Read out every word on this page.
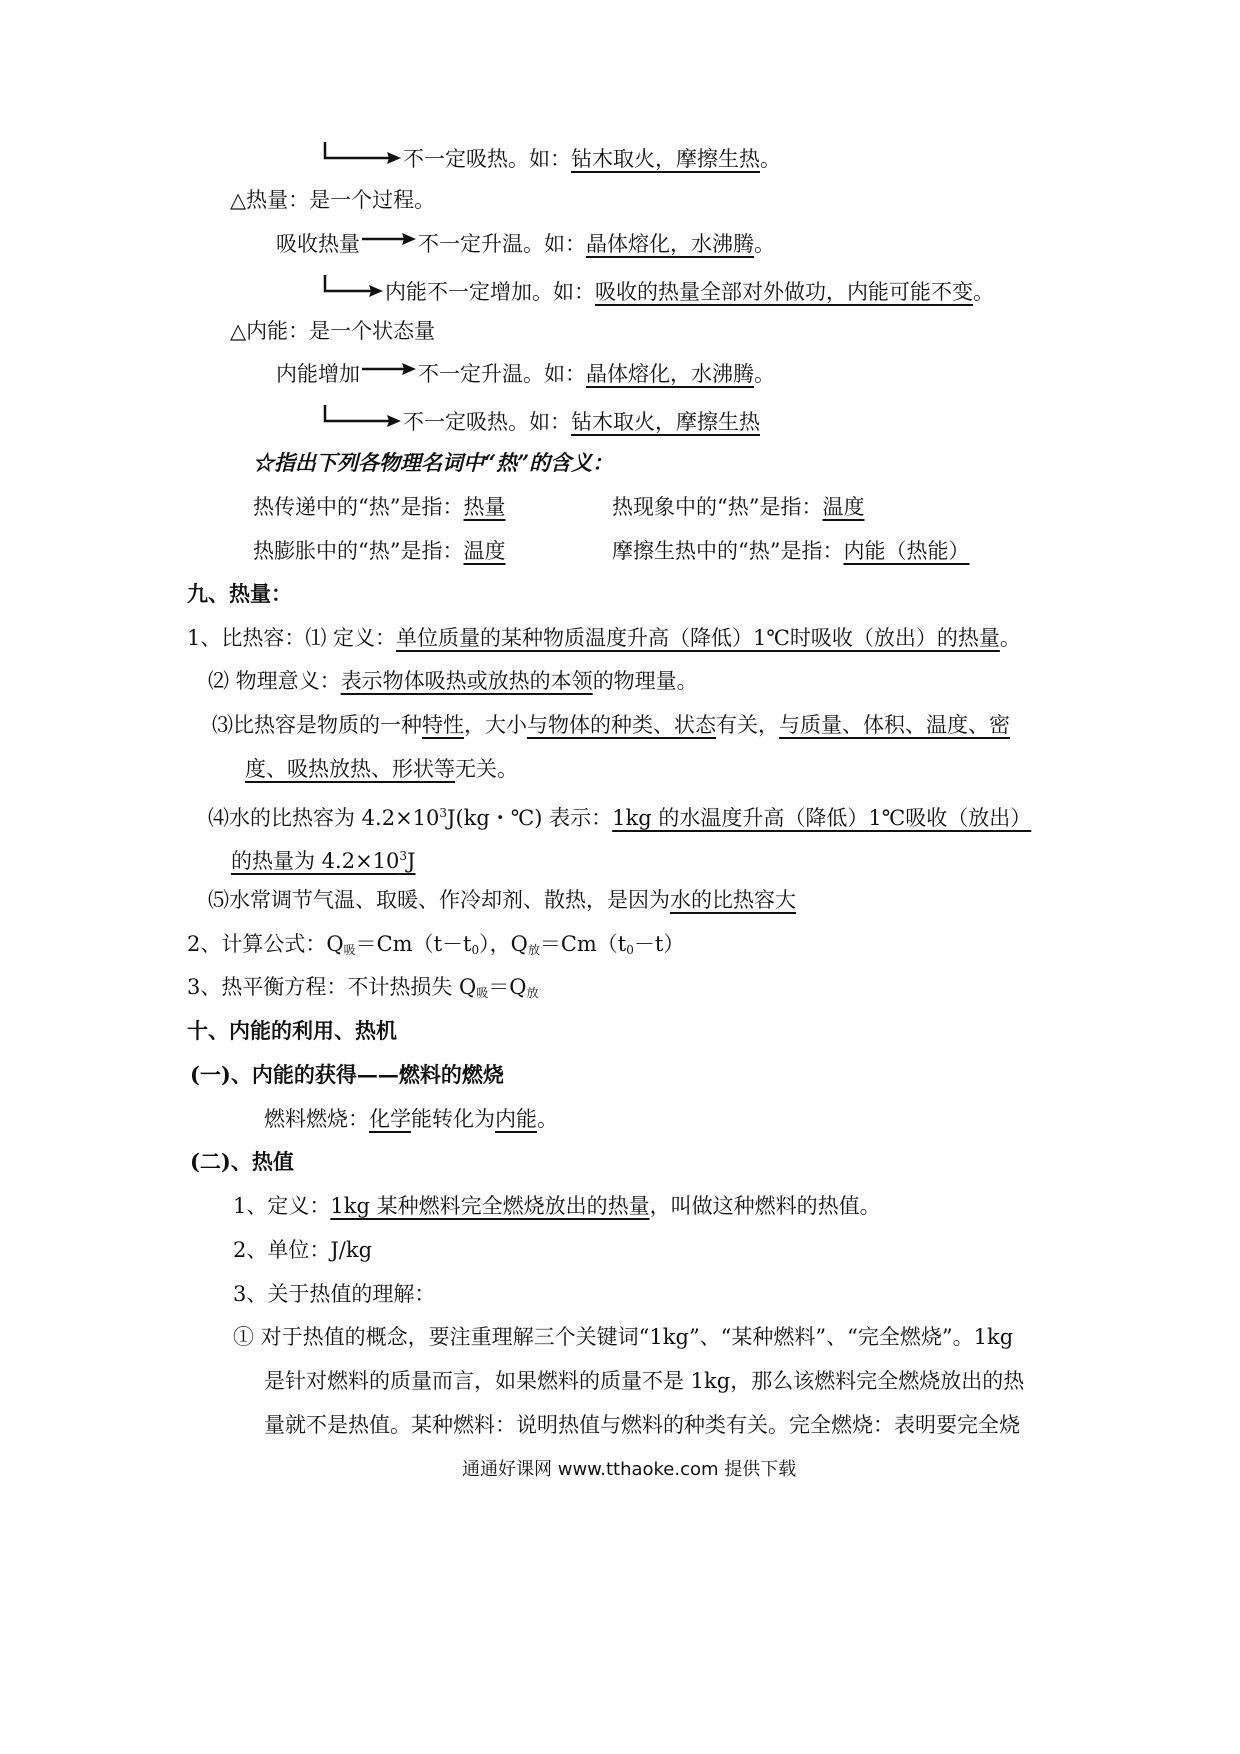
不一定吸热。如：钻木取火，摩擦生热。
△热量：是一个过程。
吸收热量	不一定升温。如：晶体熔化，水沸腾。
内能不一定增加。如：吸收的热量全部对外做功，内能可能不变。
△内能：是一个状态量
内能增加	不一定升温。如：晶体熔化，水沸腾。
不一定吸热。如：钻木取火，摩擦生热
☆指出下列各物理名词中“热”的含义：
热传递中的“热”是指：热量	热现象中的“热”是指：温度
热膨胀中的“热”是指：温度	摩擦生热中的“热”是指：内能（热能）
九、热量：
1、比热容：⑴ 定义：单位质量的某种物质温度升高（降低）1℃时吸收（放出）的热量。
⑵ 物理意义：表示物体吸热或放热的本领的物理量。
⑶比热容是物质的一种特性，大小与物体的种类、状态有关，与质量、体积、温度、密
度、吸热放热、形状等无关。
⑷水的比热容为 $4.2\times 10^3J(kg$・℃) 表示：1kg 的水温度升高（降低）1℃吸收（放出）
的热量为 $4.2\times 10^3J$
⑸水常调节气温、取暖、作冷却剂、散热，是因为水的比热容大
2、计算公式：$Q_吸=Cm(t-t_0)$，$Q_放=Cm(t_0-t)$
3、热平衡方程：不计热损失 $Q_吸=Q_放$
十、内能的利用、热机
(一)、内能的获得——燃料的燃烧
燃料燃烧：化学能转化为内能。
(二)、热值
1、定义：1kg 某种燃料完全燃烧放出的热量，叫做这种燃料的热值。
2、单位：J/kg
3、关于热值的理解：
① 对于热值的概念，要注重理解三个关键词“1kg”、“某种燃料”、“完全燃烧”。1kg
是针对燃料的质量而言，如果燃料的质量不是 1kg，那么该燃料完全燃烧放出的热
量就不是热值。某种燃料：说明热值与燃料的种类有关。完全燃烧：表明要完全烧
通通好课网 www.tthaoke.com 提供下载
